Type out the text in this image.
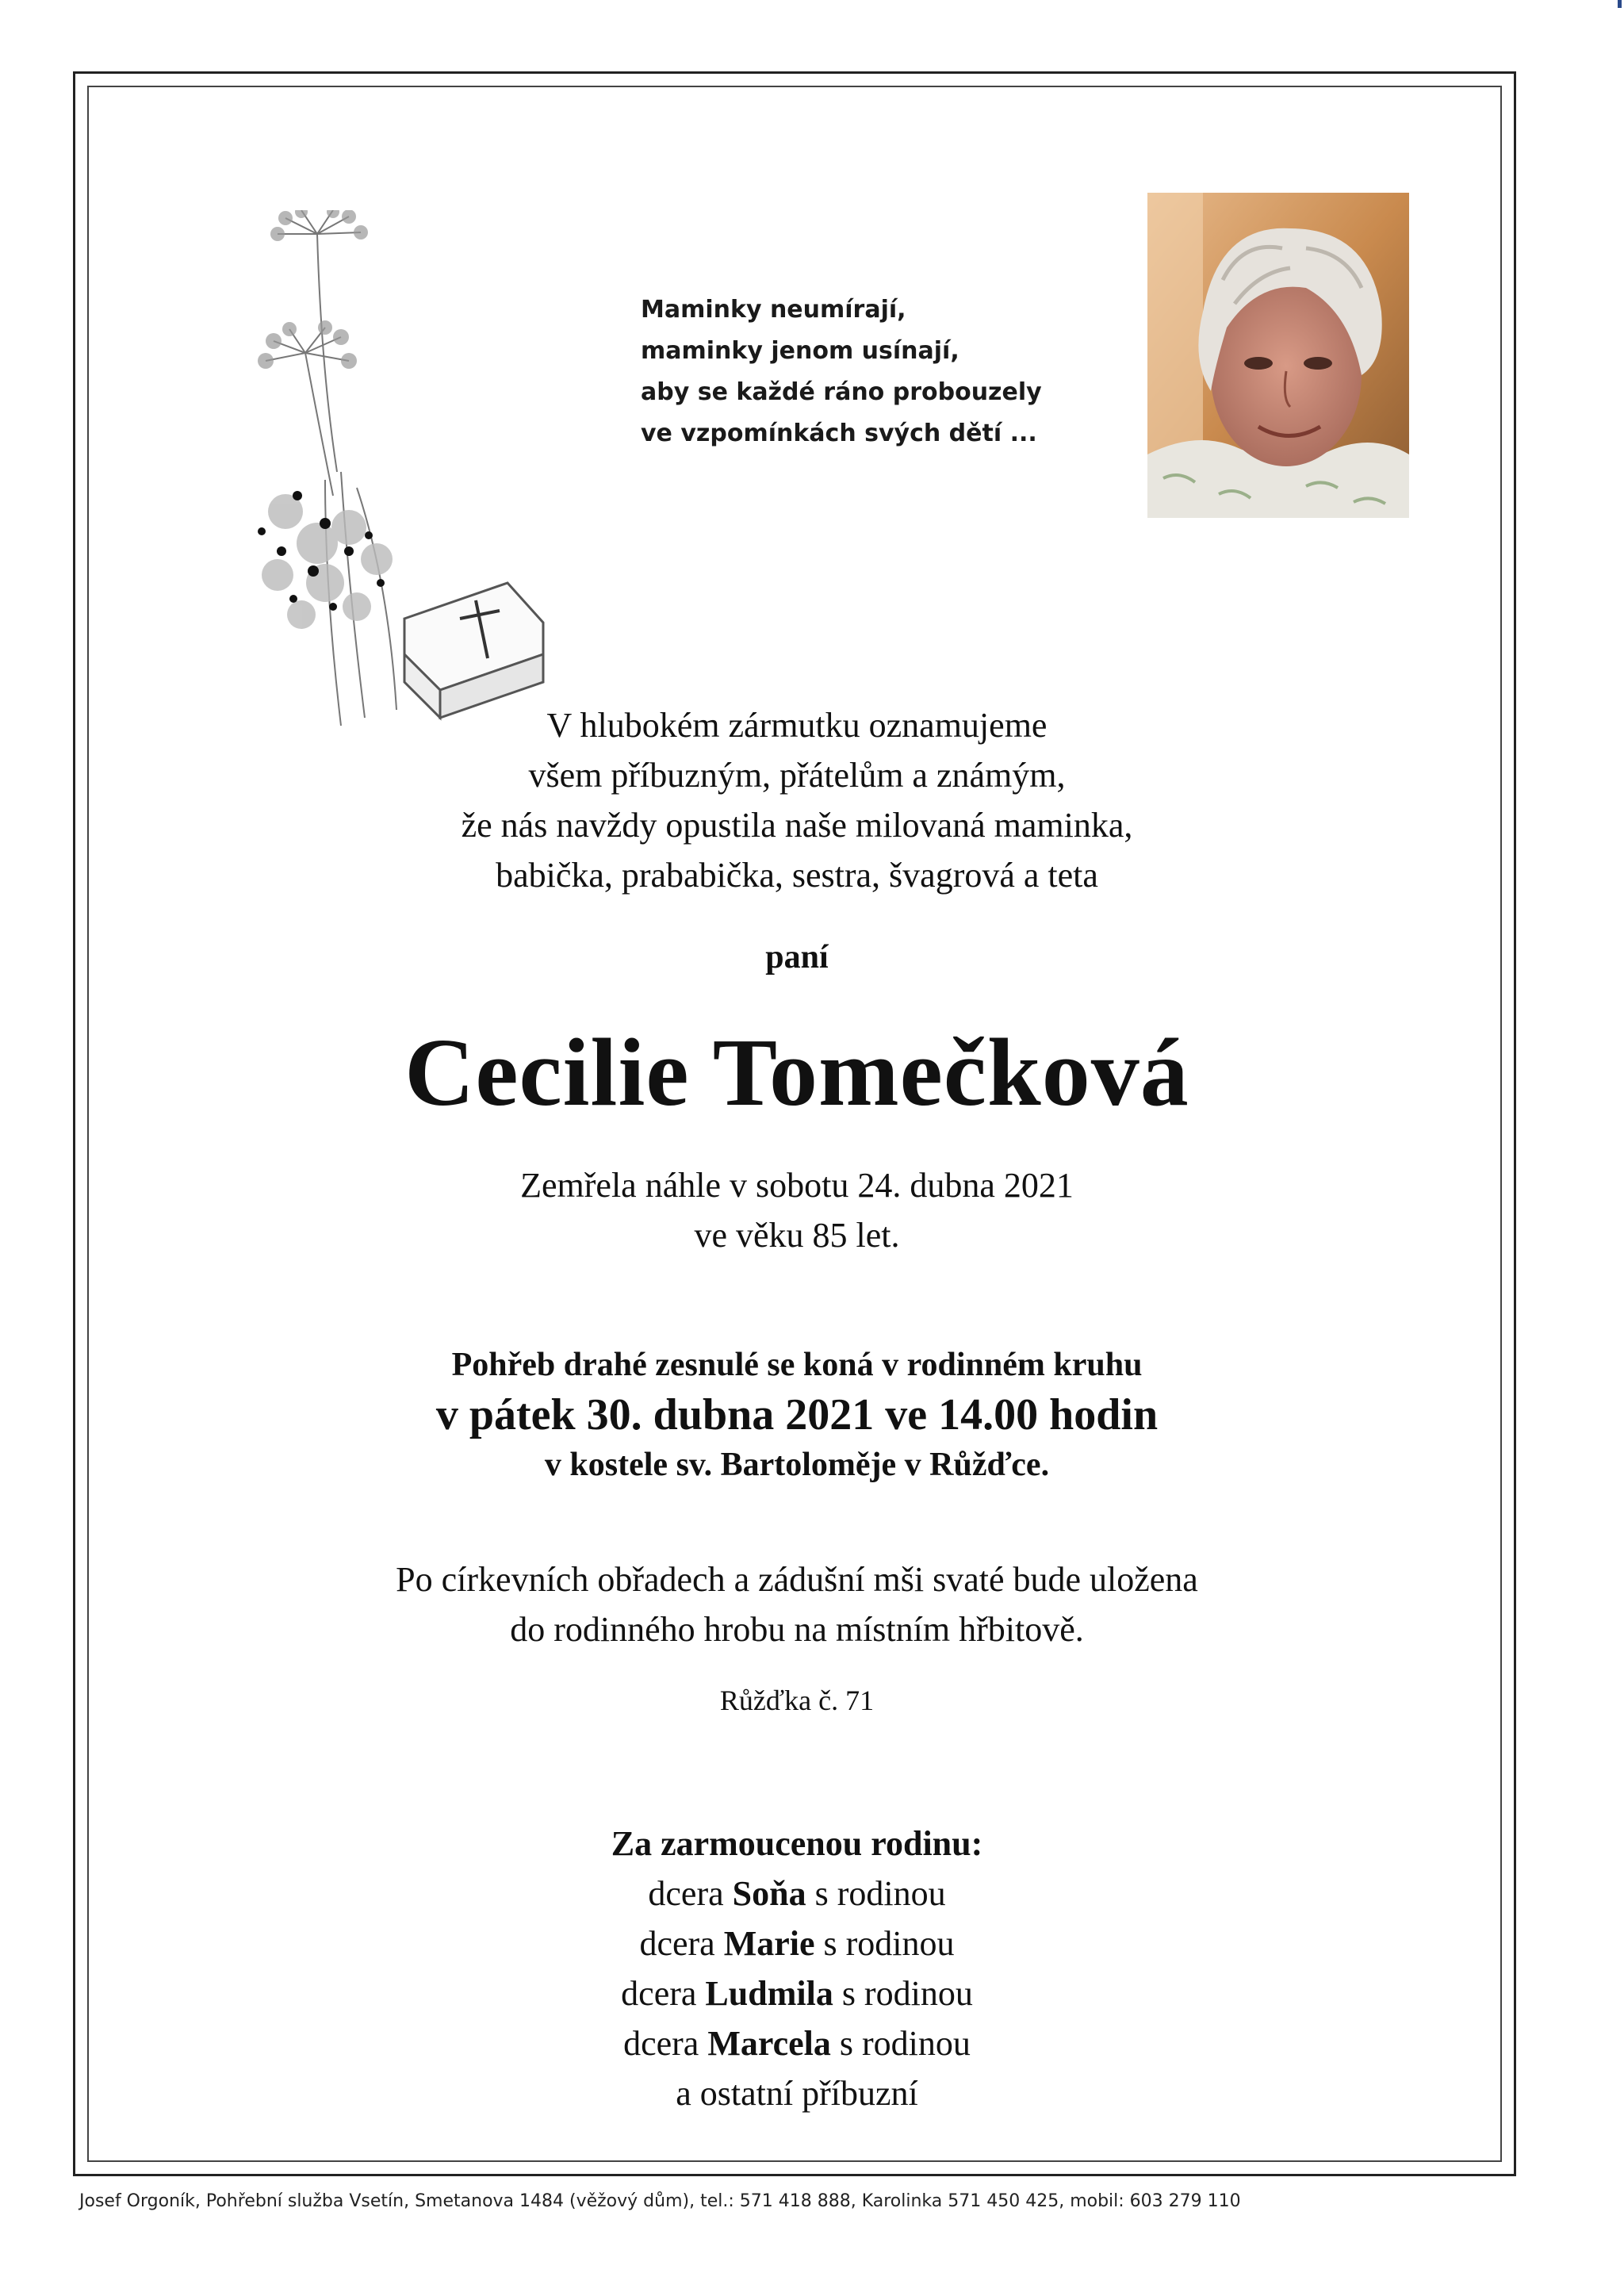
Maminky neumírají,
maminky jenom usínají,
aby se každé ráno probouzely
ve vzpomínkách svých dětí ...
V hlubokém zármutku oznamujeme
všem příbuzným, přátelům a známým,
že nás navždy opustila naše milovaná maminka,
babička, prababička, sestra, švagrová a teta
paní
Cecilie Tomečková
Zemřela náhle v sobotu 24. dubna 2021
ve věku 85 let.
Pohřeb drahé zesnulé se koná v rodinném kruhu
v pátek 30. dubna 2021 ve 14.00 hodin
v kostele sv. Bartoloměje v Růžďce.
Po církevních obřadech a zádušní mši svaté bude uložena
do rodinného hrobu na místním hřbitově.
Růžďka č. 71
Za zarmoucenou rodinu:
dcera Soňa s rodinou
dcera Marie s rodinou
dcera Ludmila s rodinou
dcera Marcela s rodinou
a ostatní příbuzní
Josef Orgoník, Pohřební služba Vsetín, Smetanova 1484 (věžový dům), tel.: 571 418 888, Karolinka 571 450 425, mobil: 603 279 110
